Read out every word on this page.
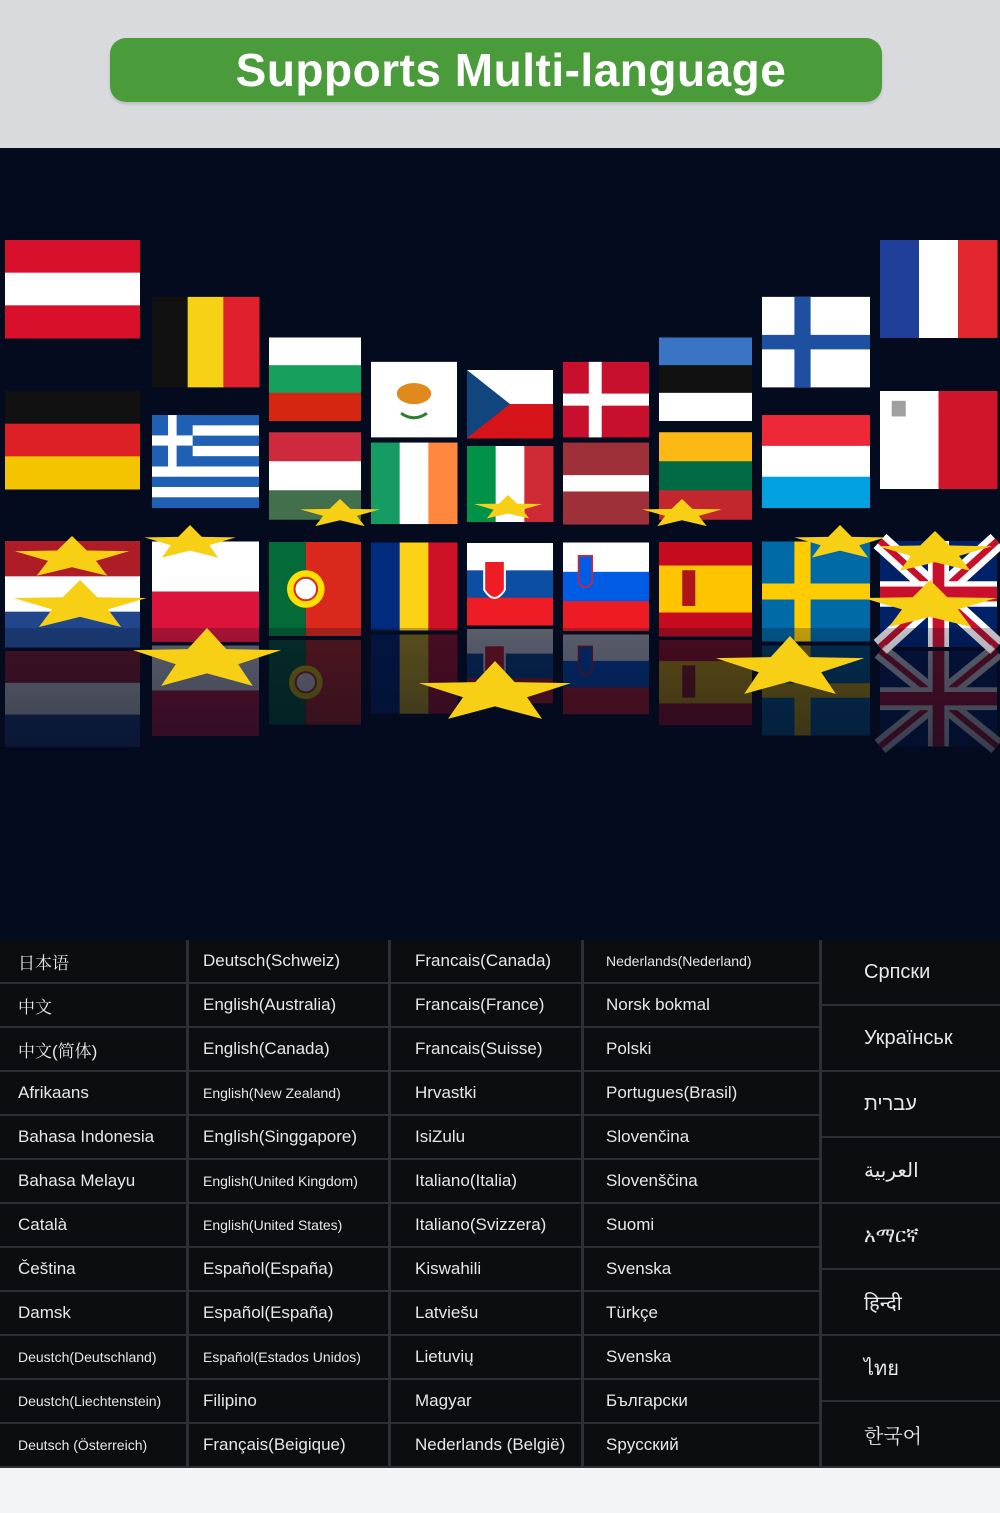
Supports Multi-language
日本语
中文
中文(简体)
Afrikaans
Bahasa Indonesia
Bahasa Melayu
Català
Čeština
Damsk
Deustch(Deutschland)
Deustch(Liechtenstein)
Deutsch (Österreich)
Deutsch(Schweiz)
English(Australia)
English(Canada)
English(New Zealand)
English(Singgapore)
English(United Kingdom)
English(United States)
Español(España)
Español(España)
Español(Estados Unidos)
Filipino
Français(Beigique)
Francais(Canada)
Francais(France)
Francais(Suisse)
Hrvastki
IsiZulu
Italiano(Italia)
Italiano(Svizzera)
Kiswahili
Latviešu
Lietuvių
Magyar
Nederlands (België)
Nederlands(Nederland)
Norsk bokmal
Polski
Portugues(Brasil)
Slovenčina
Slovenščina
Suomi
Svenska
Türkçe
Svenska
Български
Spyсский
Српски
Українськ
עברית
العربية
አማርኛ
हिन्दी
ไทย
한국어
